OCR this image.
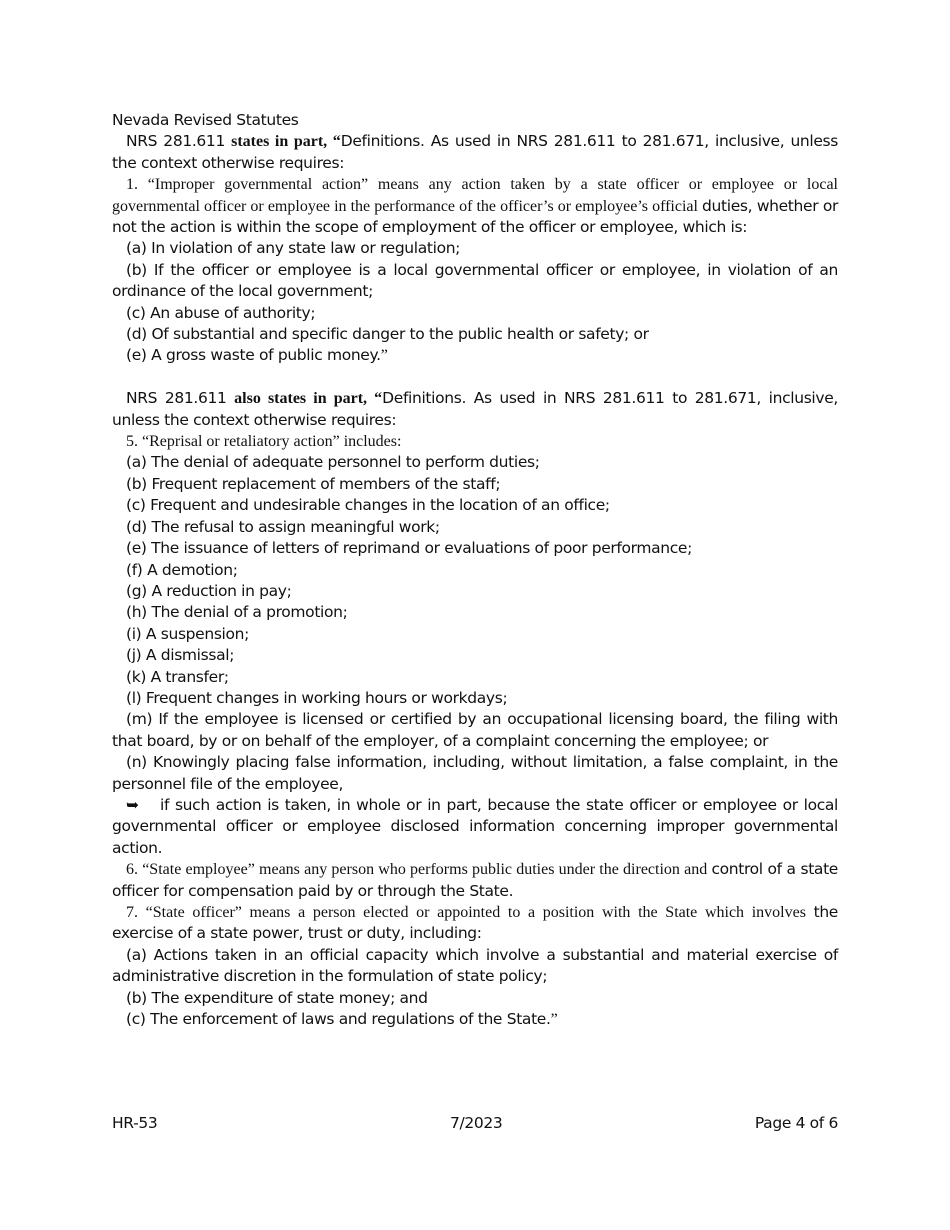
Nevada Revised Statutes

NRS 281.611 states in part, “Definitions. As used in NRS 281.611 to 281.671, inclusive, unless the context otherwise requires:

1. “Improper governmental action” means any action taken by a state officer or employee or local governmental officer or employee in the performance of the officer’s or employee’s official duties, whether or not the action is within the scope of employment of the officer or employee, which is:

(a) In violation of any state law or regulation;

(b) If the officer or employee is a local governmental officer or employee, in violation of an ordinance of the local government;

(c) An abuse of authority;

(d) Of substantial and specific danger to the public health or safety; or

(e) A gross waste of public money.”

NRS 281.611 also states in part, “Definitions. As used in NRS 281.611 to 281.671, inclusive, unless the context otherwise requires:

5. “Reprisal or retaliatory action” includes:

(a) The denial of adequate personnel to perform duties;

(b) Frequent replacement of members of the staff;

(c) Frequent and undesirable changes in the location of an office;

(d) The refusal to assign meaningful work;

(e) The issuance of letters of reprimand or evaluations of poor performance;

(f) A demotion;

(g) A reduction in pay;

(h) The denial of a promotion;

(i) A suspension;

(j) A dismissal;

(k) A transfer;

(l) Frequent changes in working hours or workdays;

(m) If the employee is licensed or certified by an occupational licensing board, the filing with that board, by or on behalf of the employer, of a complaint concerning the employee; or

(n) Knowingly placing false information, including, without limitation, a false complaint, in the personnel file of the employee,

➥ if such action is taken, in whole or in part, because the state officer or employee or local governmental officer or employee disclosed information concerning improper governmental action.

6. “State employee” means any person who performs public duties under the direction and control of a state officer for compensation paid by or through the State.

7. “State officer” means a person elected or appointed to a position with the State which involves the exercise of a state power, trust or duty, including:

(a) Actions taken in an official capacity which involve a substantial and material exercise of administrative discretion in the formulation of state policy;

(b) The expenditure of state money; and

(c) The enforcement of laws and regulations of the State.”

HR-53	7/2023	Page 4 of 6
